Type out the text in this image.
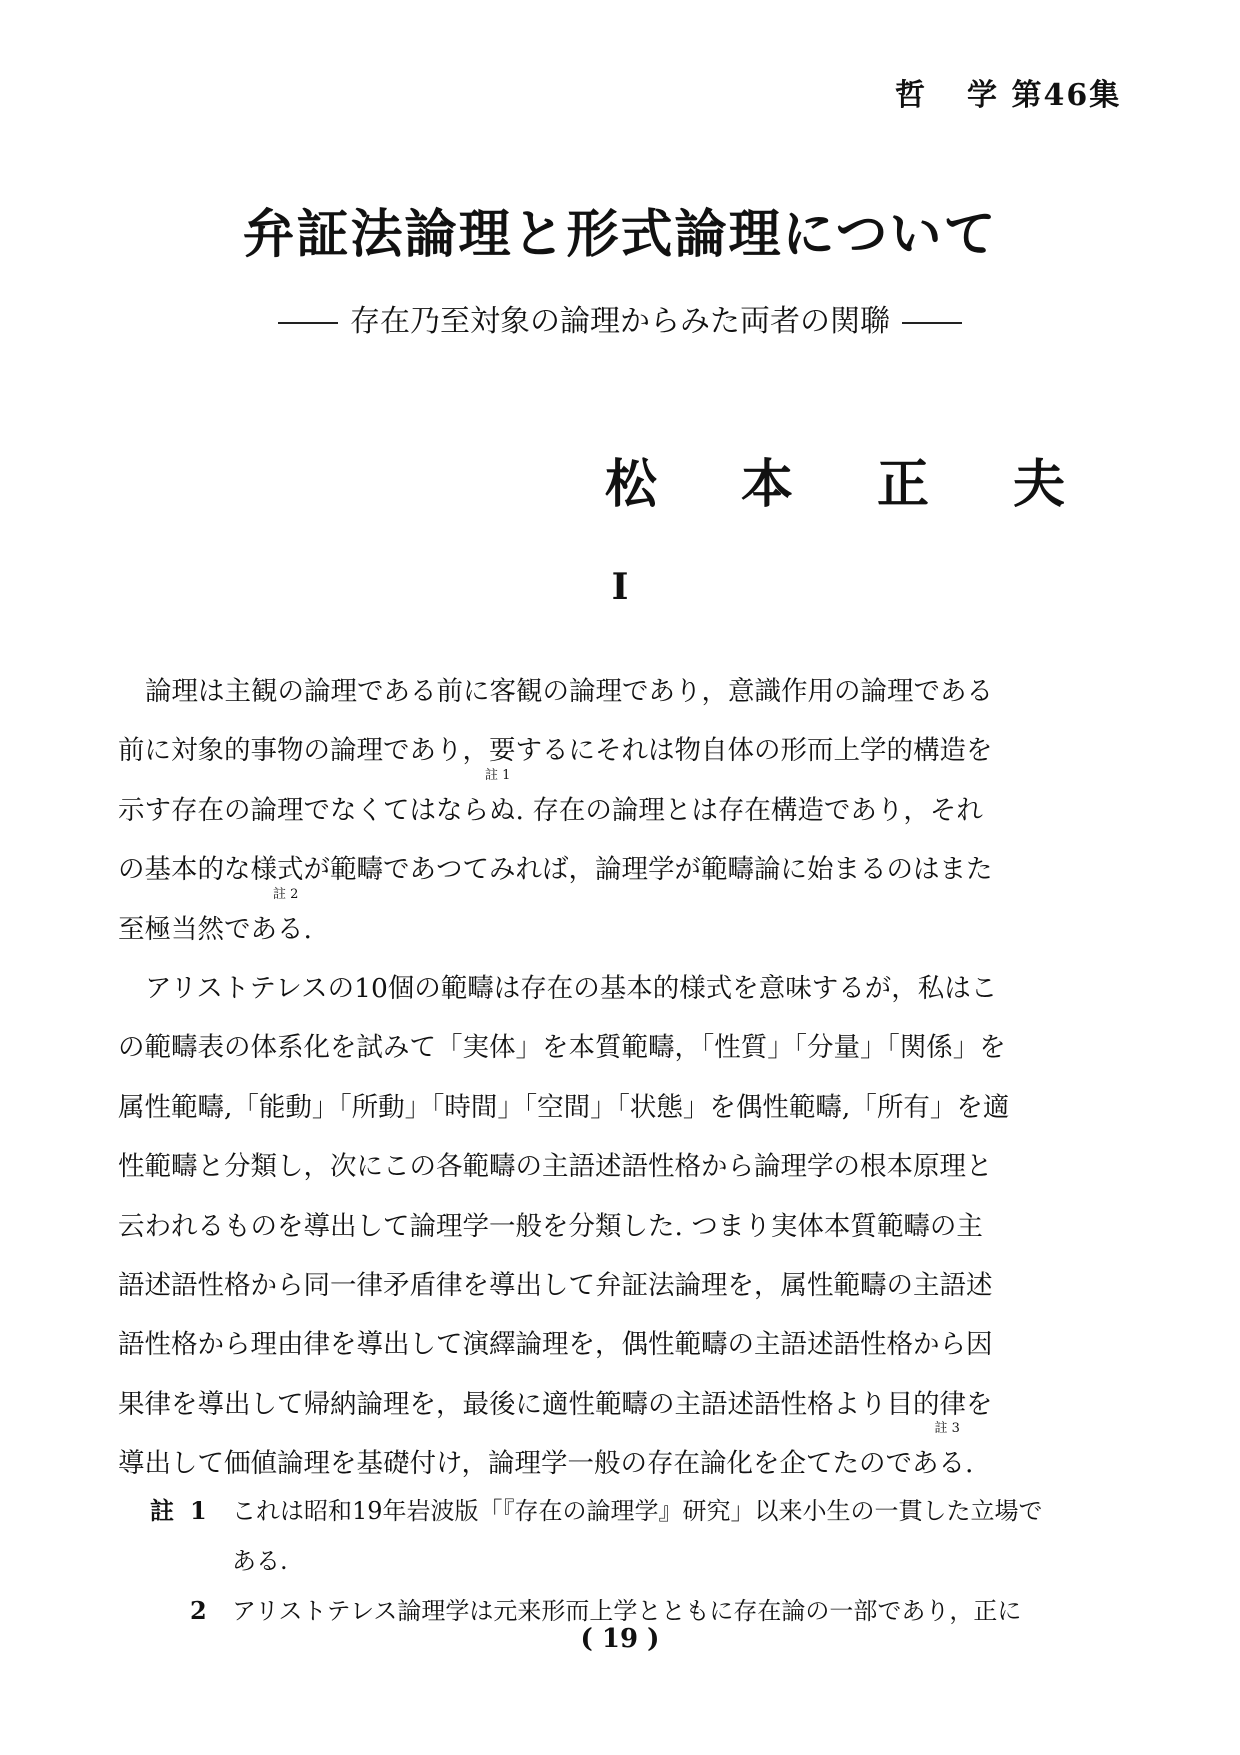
哲 学 第46集
弁証法論理と形式論理について
存在乃至対象の論理からみた両者の関聯
松 本 正 夫
I
論理は主観の論理である前に客観の論理であり，意識作用の論理である
前に対象的事物の論理であり，要するにそれは物自体の形而上学的構造を
示す存在の論理でなくてはなら
註 1
ぬ. 存在の論理とは存在構造であり，それ
の基本的な様式が範疇であつてみれば，論理学が範疇論に始まるのはまた
至極当然であ
註 2
る.
アリストテレスの10個の範疇は存在の基本的様式を意味するが，私はこ
の範疇表の体系化を試みて「実体」を本質範疇，「性質」「分量」「関係」を
属性範疇,「能動」「所動」「時間」「空間」「状態」を偶性範疇,「所有」を適
性範疇と分類し，次にこの各範疇の主語述語性格から論理学の根本原理と
云われるものを導出して論理学一般を分類した. つまり実体本質範疇の主
語述語性格から同一律矛盾律を導出して弁証法論理を，属性範疇の主語述
語性格から理由律を導出して演繹論理を，偶性範疇の主語述語性格から因
果律を導出して帰納論理を，最後に適性範疇の主語述語性格より目的律を
導出して価値論理を基礎付け，論理学一般の存在論化を企てたのであ
註 3
る.
註 1	これは昭和19年岩波版「『存在の論理学』研究」以来小生の一貫した立場で
ある.
2	アリストテレス論理学は元来形而上学とともに存在論の一部であり，正に
( 19 )
